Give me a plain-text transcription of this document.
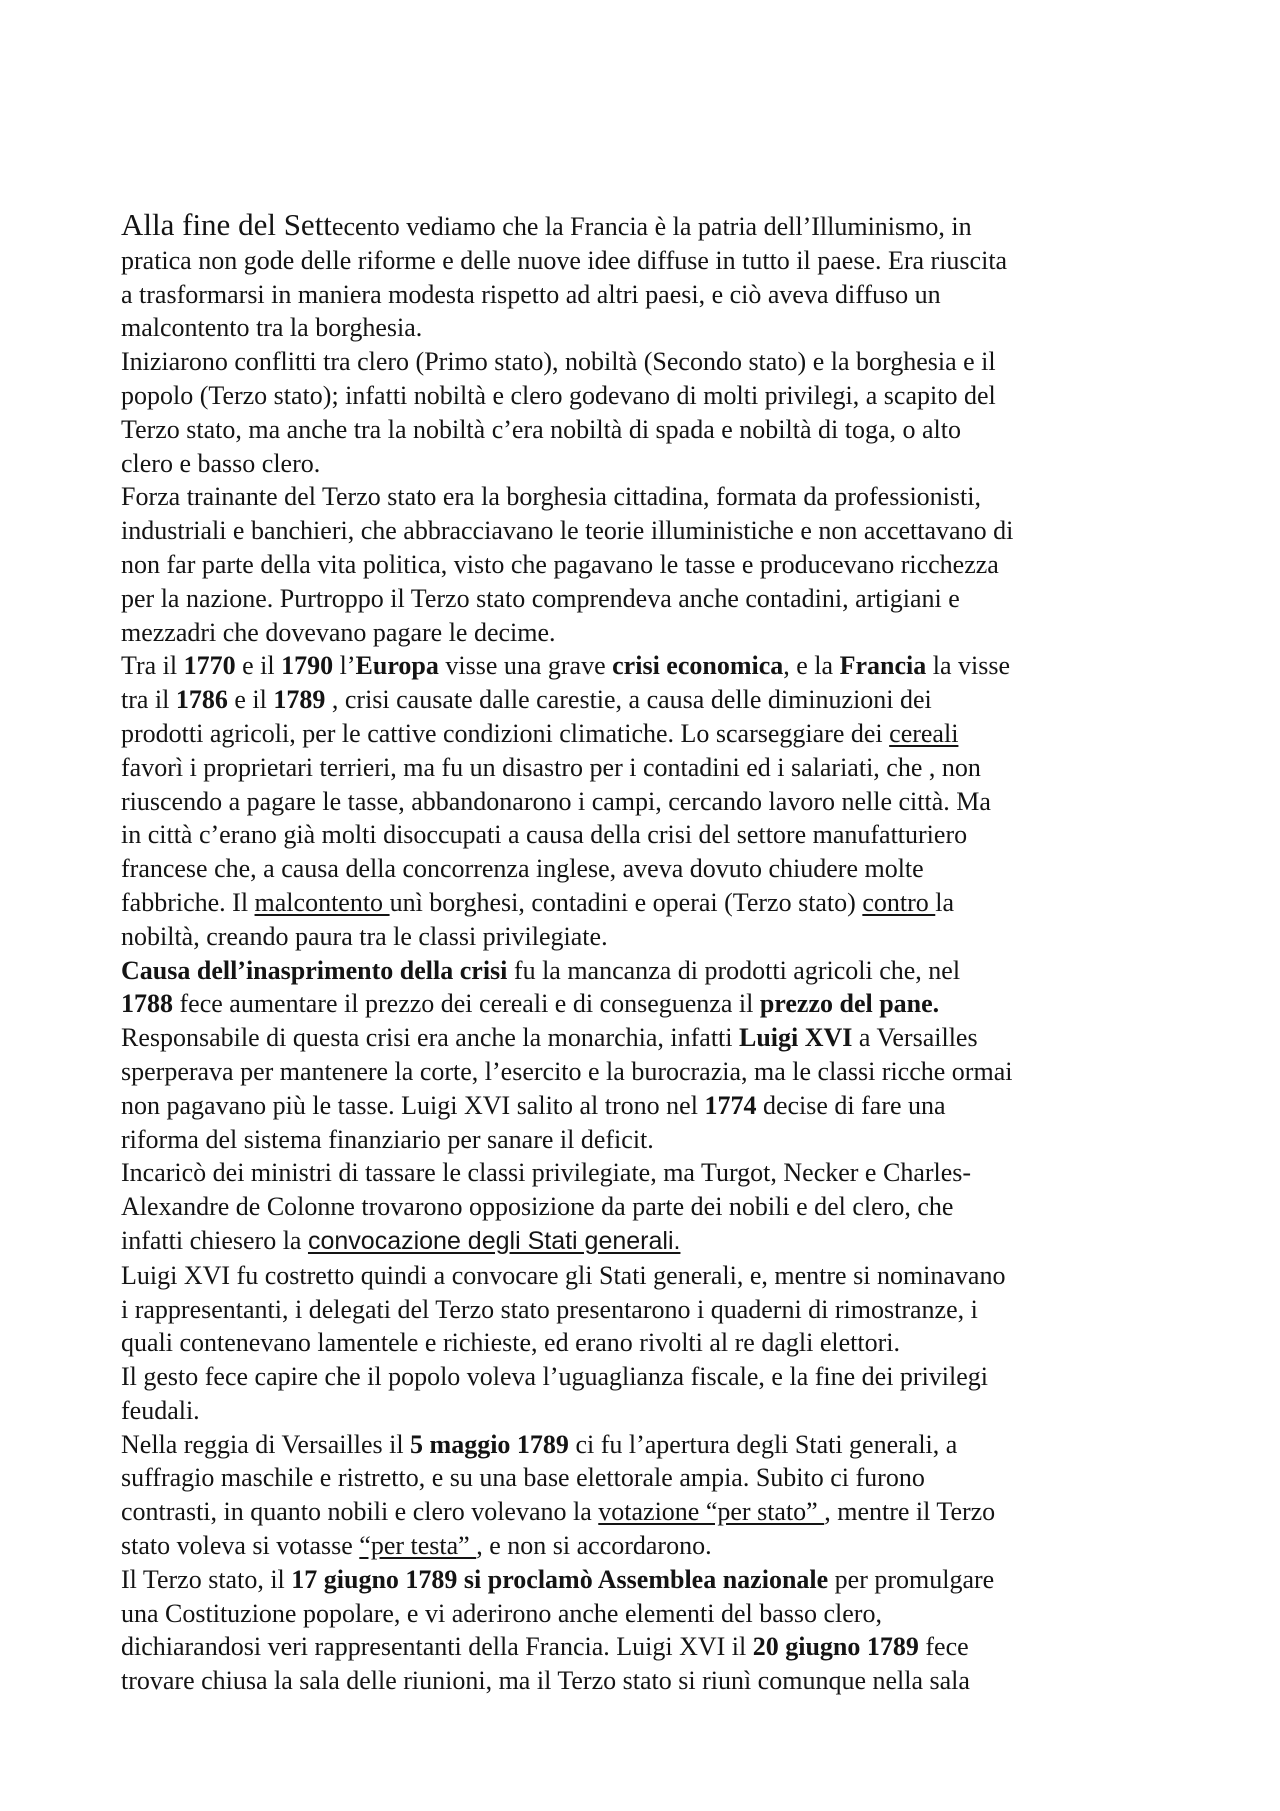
Alla fine del Settecento vediamo che la Francia è la patria dell’Illuminismo, in
pratica non gode delle riforme e delle nuove idee diffuse in tutto il paese. Era riuscita
a trasformarsi in maniera modesta rispetto ad altri paesi, e ciò aveva diffuso un
malcontento tra la borghesia.
Iniziarono conflitti tra clero (Primo stato), nobiltà (Secondo stato) e la borghesia e il
popolo (Terzo stato); infatti nobiltà e clero godevano di molti privilegi, a scapito del
Terzo stato, ma anche tra la nobiltà c’era nobiltà di spada e nobiltà di toga, o alto
clero e basso clero.
Forza trainante del Terzo stato era la borghesia cittadina, formata da professionisti,
industriali e banchieri, che abbracciavano le teorie illuministiche e non accettavano di
non far parte della vita politica, visto che pagavano le tasse e producevano ricchezza
per la nazione. Purtroppo il Terzo stato comprendeva anche contadini, artigiani e
mezzadri che dovevano pagare le decime.
Tra il 1770 e il 1790 l’Europa visse una grave crisi economica, e la Francia la visse
tra il 1786 e il 1789 , crisi causate dalle carestie, a causa delle diminuzioni dei
prodotti agricoli, per le cattive condizioni climatiche. Lo scarseggiare dei cereali
favorì i proprietari terrieri, ma fu un disastro per i contadini ed i salariati, che , non
riuscendo a pagare le tasse, abbandonarono i campi, cercando lavoro nelle città. Ma
in città c’erano già molti disoccupati a causa della crisi del settore manufatturiero
francese che, a causa della concorrenza inglese, aveva dovuto chiudere molte
fabbriche. Il malcontento unì borghesi, contadini e operai (Terzo stato) contro la
nobiltà, creando paura tra le classi privilegiate.
Causa dell’inasprimento della crisi fu la mancanza di prodotti agricoli che, nel
1788 fece aumentare il prezzo dei cereali e di conseguenza il prezzo del pane.
Responsabile di questa crisi era anche la monarchia, infatti Luigi XVI a Versailles
sperperava per mantenere la corte, l’esercito e la burocrazia, ma le classi ricche ormai
non pagavano più le tasse. Luigi XVI salito al trono nel 1774 decise di fare una
riforma del sistema finanziario per sanare il deficit.
Incaricò dei ministri di tassare le classi privilegiate, ma Turgot, Necker e Charles-
Alexandre de Colonne trovarono opposizione da parte dei nobili e del clero, che
infatti chiesero la convocazione degli Stati generali.
Luigi XVI fu costretto quindi a convocare gli Stati generali, e, mentre si nominavano
i rappresentanti, i delegati del Terzo stato presentarono i quaderni di rimostranze, i
quali contenevano lamentele e richieste, ed erano rivolti al re dagli elettori.
Il gesto fece capire che il popolo voleva l’uguaglianza fiscale, e la fine dei privilegi
feudali.
Nella reggia di Versailles il 5 maggio 1789 ci fu l’apertura degli Stati generali, a
suffragio maschile e ristretto, e su una base elettorale ampia. Subito ci furono
contrasti, in quanto nobili e clero volevano la votazione “per stato” , mentre il Terzo
stato voleva si votasse “per testa” , e non si accordarono.
Il Terzo stato, il 17 giugno 1789 si proclamò Assemblea nazionale per promulgare
una Costituzione popolare, e vi aderirono anche elementi del basso clero,
dichiarandosi veri rappresentanti della Francia. Luigi XVI il 20 giugno 1789 fece
trovare chiusa la sala delle riunioni, ma il Terzo stato si riunì comunque nella sala
